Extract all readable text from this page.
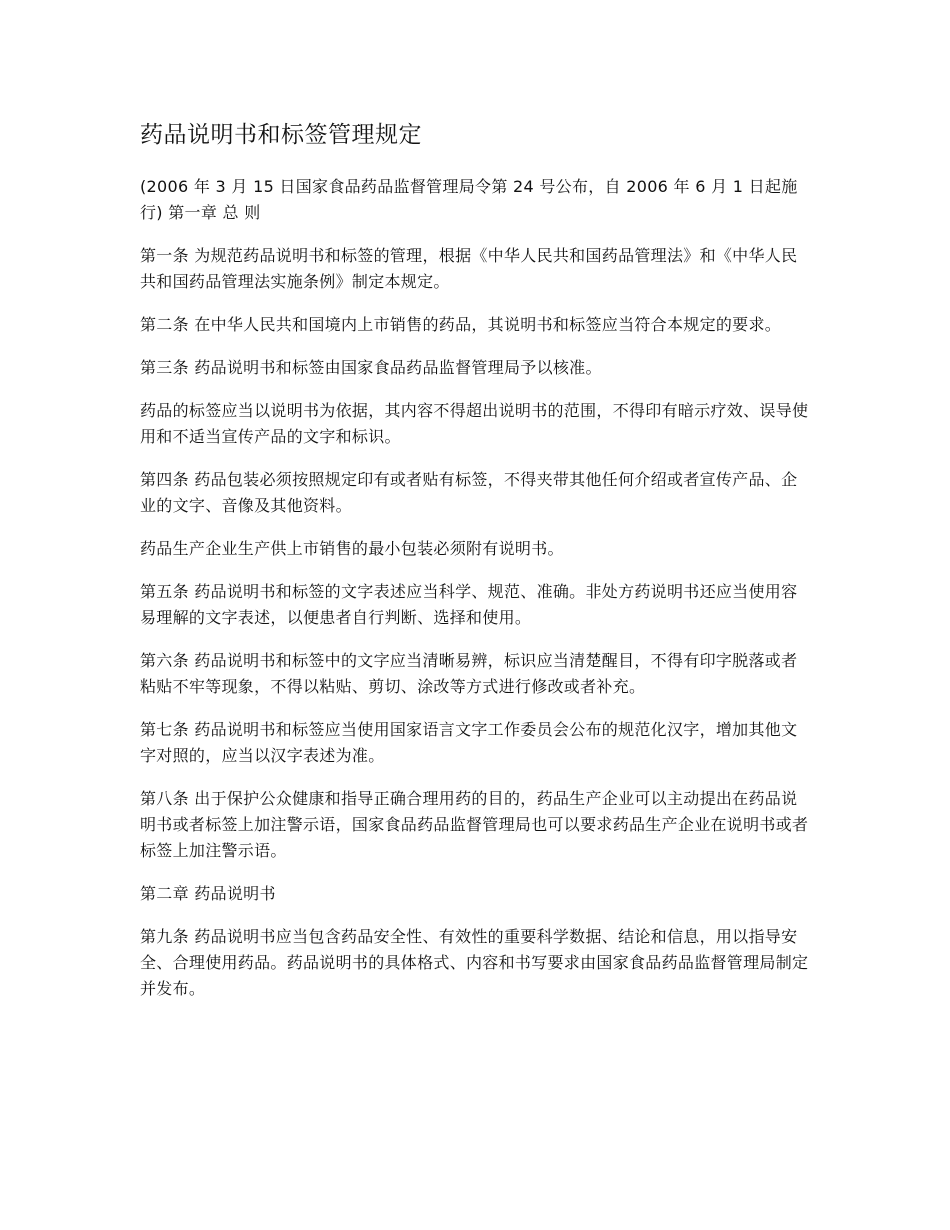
药品说明书和标签管理规定

(2006 年 3 月 15 日国家食品药品监督管理局令第 24 号公布，自 2006 年 6 月 1 日起施行) 第一章 总 则

第一条 为规范药品说明书和标签的管理，根据《中华人民共和国药品管理法》和《中华人民共和国药品管理法实施条例》制定本规定。

第二条 在中华人民共和国境内上市销售的药品，其说明书和标签应当符合本规定的要求。

第三条 药品说明书和标签由国家食品药品监督管理局予以核准。

药品的标签应当以说明书为依据，其内容不得超出说明书的范围，不得印有暗示疗效、误导使用和不适当宣传产品的文字和标识。

第四条 药品包装必须按照规定印有或者贴有标签，不得夹带其他任何介绍或者宣传产品、企业的文字、音像及其他资料。

药品生产企业生产供上市销售的最小包装必须附有说明书。

第五条 药品说明书和标签的文字表述应当科学、规范、准确。非处方药说明书还应当使用容易理解的文字表述，以便患者自行判断、选择和使用。

第六条 药品说明书和标签中的文字应当清晰易辨，标识应当清楚醒目，不得有印字脱落或者粘贴不牢等现象，不得以粘贴、剪切、涂改等方式进行修改或者补充。

第七条 药品说明书和标签应当使用国家语言文字工作委员会公布的规范化汉字，增加其他文字对照的，应当以汉字表述为准。

第八条 出于保护公众健康和指导正确合理用药的目的，药品生产企业可以主动提出在药品说明书或者标签上加注警示语，国家食品药品监督管理局也可以要求药品生产企业在说明书或者标签上加注警示语。

第二章 药品说明书

第九条 药品说明书应当包含药品安全性、有效性的重要科学数据、结论和信息，用以指导安全、合理使用药品。药品说明书的具体格式、内容和书写要求由国家食品药品监督管理局制定并发布。
